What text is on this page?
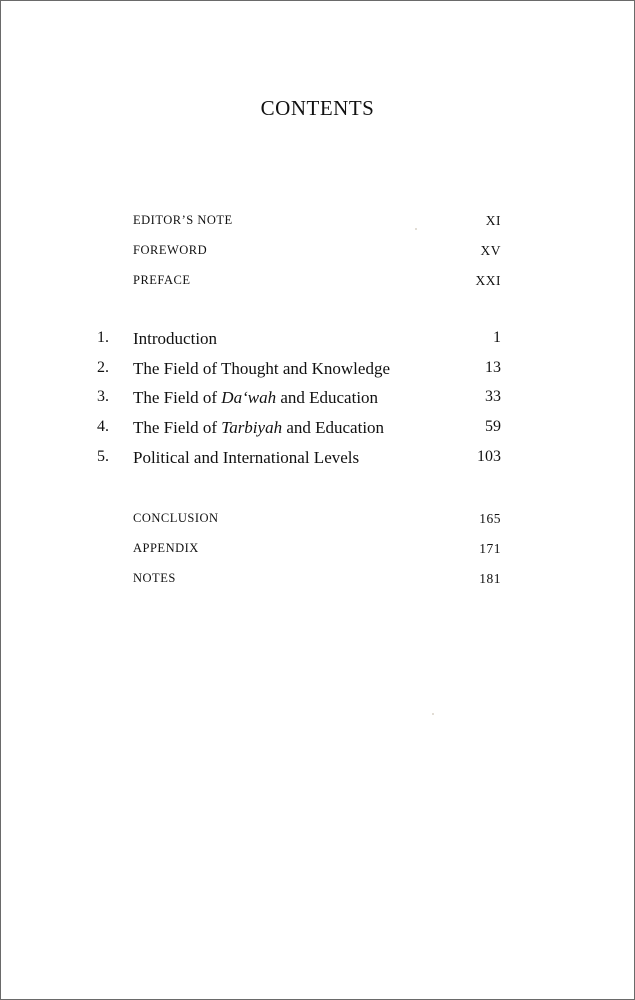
CONTENTS
EDITOR’S NOTE	XI
FOREWORD	XV
PREFACE	XXI
1. Introduction	1
2. The Field of Thought and Knowledge	13
3. The Field of Da‘wah and Education	33
4. The Field of Tarbiyah and Education	59
5. Political and International Levels	103
CONCLUSION	165
APPENDIX	171
NOTES	181
